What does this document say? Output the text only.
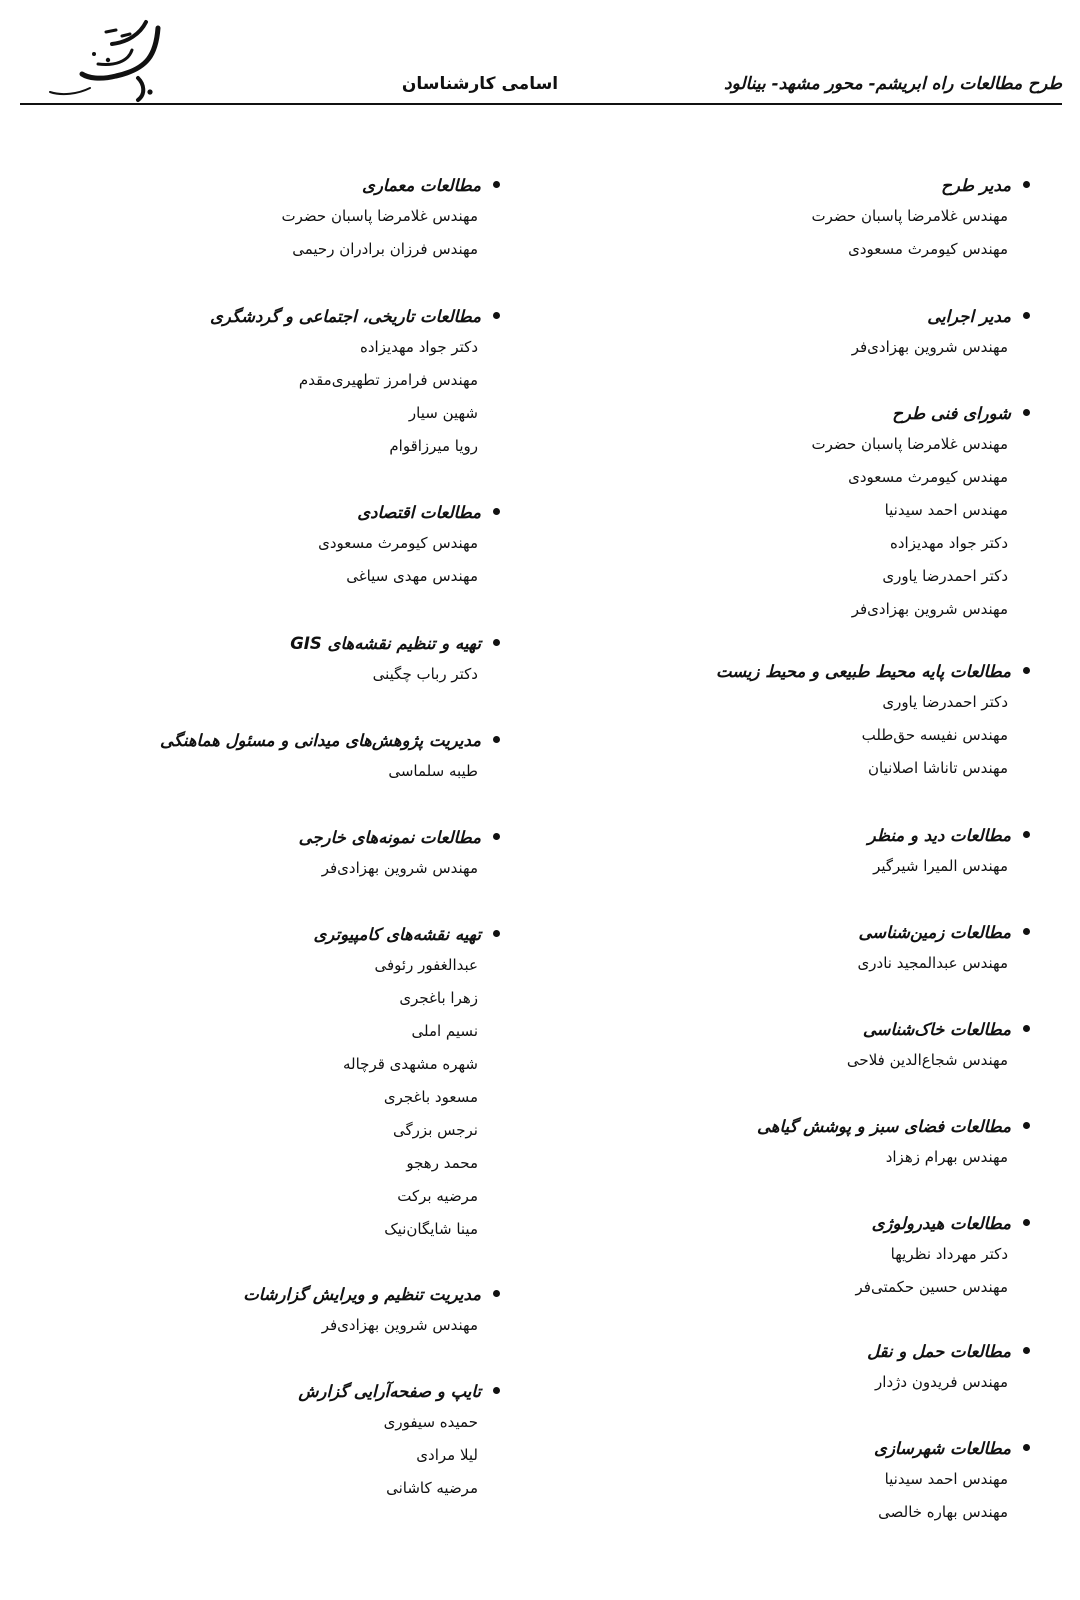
اسامی کارشناسان	طرح مطالعات راه ابریشم- محور مشهد- بینالود
مدیر طرح
مهندس غلامرضا پاسبان حضرت
مهندس کیومرث مسعودی
مدیر اجرایی
مهندس شروین بهزادی‌فر
شورای فنی طرح
مهندس غلامرضا پاسبان حضرت
مهندس کیومرث مسعودی
مهندس احمد سیدنیا
دکتر جواد مهدیزاده
دکتر احمدرضا یاوری
مهندس شروین بهزادی‌فر
مطالعات پایه محیط طبیعی و محیط زیست
دکتر احمدرضا یاوری
مهندس نفیسه حق‌طلب
مهندس تاناشا اصلانیان
مطالعات دید و منظر
مهندس المیرا شیرگیر
مطالعات زمین‌شناسی
مهندس عبدالمجید نادری
مطالعات خاک‌شناسی
مهندس شجاع‌الدین فلاحی
مطالعات فضای سبز و پوشش گیاهی
مهندس بهرام زهزاد
مطالعات هیدرولوژی
دکتر مهرداد نظریها
مهندس حسین حکمتی‌فر
مطالعات حمل و نقل
مهندس فریدون دژدار
مطالعات شهرسازی
مهندس احمد سیدنیا
مهندس بهاره خالصی
مطالعات معماری
مهندس غلامرضا پاسبان حضرت
مهندس فرزان برادران رحیمی
مطالعات تاریخی، اجتماعی و گردشگری
دکتر جواد مهدیزاده
مهندس فرامرز تطهیری‌مقدم
شهین سیار
رویا میرزاقوام
مطالعات اقتصادی
مهندس کیومرث مسعودی
مهندس مهدی سیاغی
تهیه و تنظیم نقشه‌های GIS
دکتر رباب چگینی
مدیریت پژوهش‌های میدانی و مسئول هماهنگی
طیبه سلماسی
مطالعات نمونه‌های خارجی
مهندس شروین بهزادی‌فر
تهیه نقشه‌های کامپیوتری
عبدالغفور رئوفی
زهرا باغجری
نسیم املی
شهره مشهدی قرچاله
مسعود باغجری
نرجس بزرگی
محمد رهجو
مرضیه برکت
مینا شایگان‌نیک
مدیریت تنظیم و ویرایش گزارشات
مهندس شروین بهزادی‌فر
تایپ و صفحه‌آرایی گزارش
حمیده سیفوری
لیلا مرادی
مرضیه کاشانی
